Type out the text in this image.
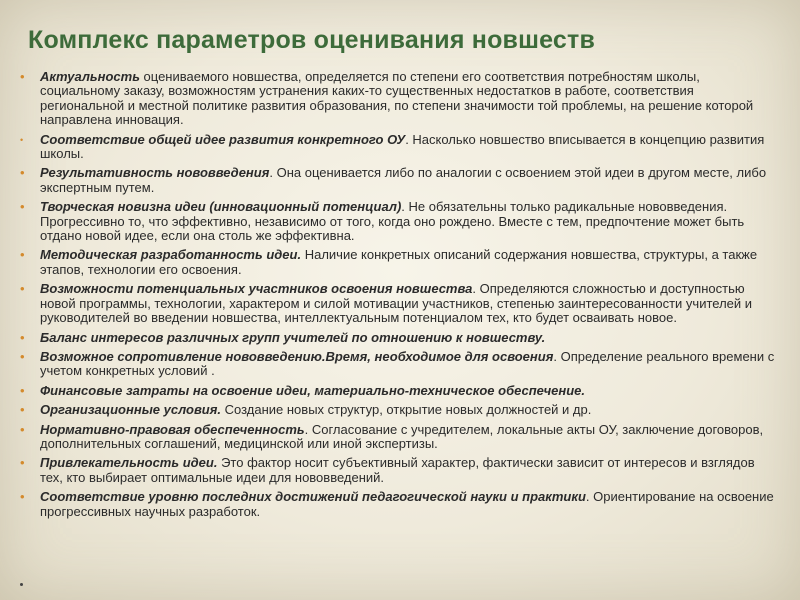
Комплекс параметров оценивания новшеств
• Актуальность оцениваемого новшества, определяется по степени его соответствия потребностям школы, социальному заказу, возможностям устранения каких-то существенных недостатков в работе, соответствия региональной и местной политике развития образования, по степени значимости той проблемы, на решение которой направлена инновация.
• Соответствие общей идее развития конкретного ОУ. Насколько новшество вписывается в концепцию развития школы.
• Результативность нововведения. Она оценивается либо по аналогии с освоением этой идеи в другом месте, либо экспертным путем.
• Творческая новизна идеи (инновационный потенциал). Не обязательны только радикальные нововведения. Прогрессивно то, что эффективно, независимо от того, когда оно рождено. Вместе с тем, предпочтение может быть отдано новой идее, если она столь же эффективна.
• Методическая разработанность идеи. Наличие конкретных описаний содержания новшества, структуры, а также этапов, технологии его освоения.
• Возможности потенциальных участников освоения новшества. Определяются сложностью и доступностью новой программы, технологии, характером и силой мотивации участников, степенью заинтересованности учителей и руководителей во введении новшества, интеллектуальным потенциалом тех, кто будет осваивать новое.
• Баланс интересов различных групп учителей по отношению к новшеству.
• Возможное сопротивление нововведению.Время, необходимое для освоения. Определение реального времени с учетом конкретных условий .
• Финансовые затраты на освоение идеи, материально-техническое обеспечение.
• Организационные условия. Создание новых структур, открытие новых должностей и др.
• Нормативно-правовая обеспеченность. Согласование с учредителем, локальные акты ОУ, заключение договоров, дополнительных соглашений, медицинской или иной экспертизы.
• Привлекательность идеи. Это фактор носит субъективный характер, фактически зависит от интересов и взглядов тех, кто выбирает оптимальные идеи для нововведений.
• Соответствие уровню последних достижений педагогической науки и практики. Ориентирование на освоение прогрессивных научных разработок.
